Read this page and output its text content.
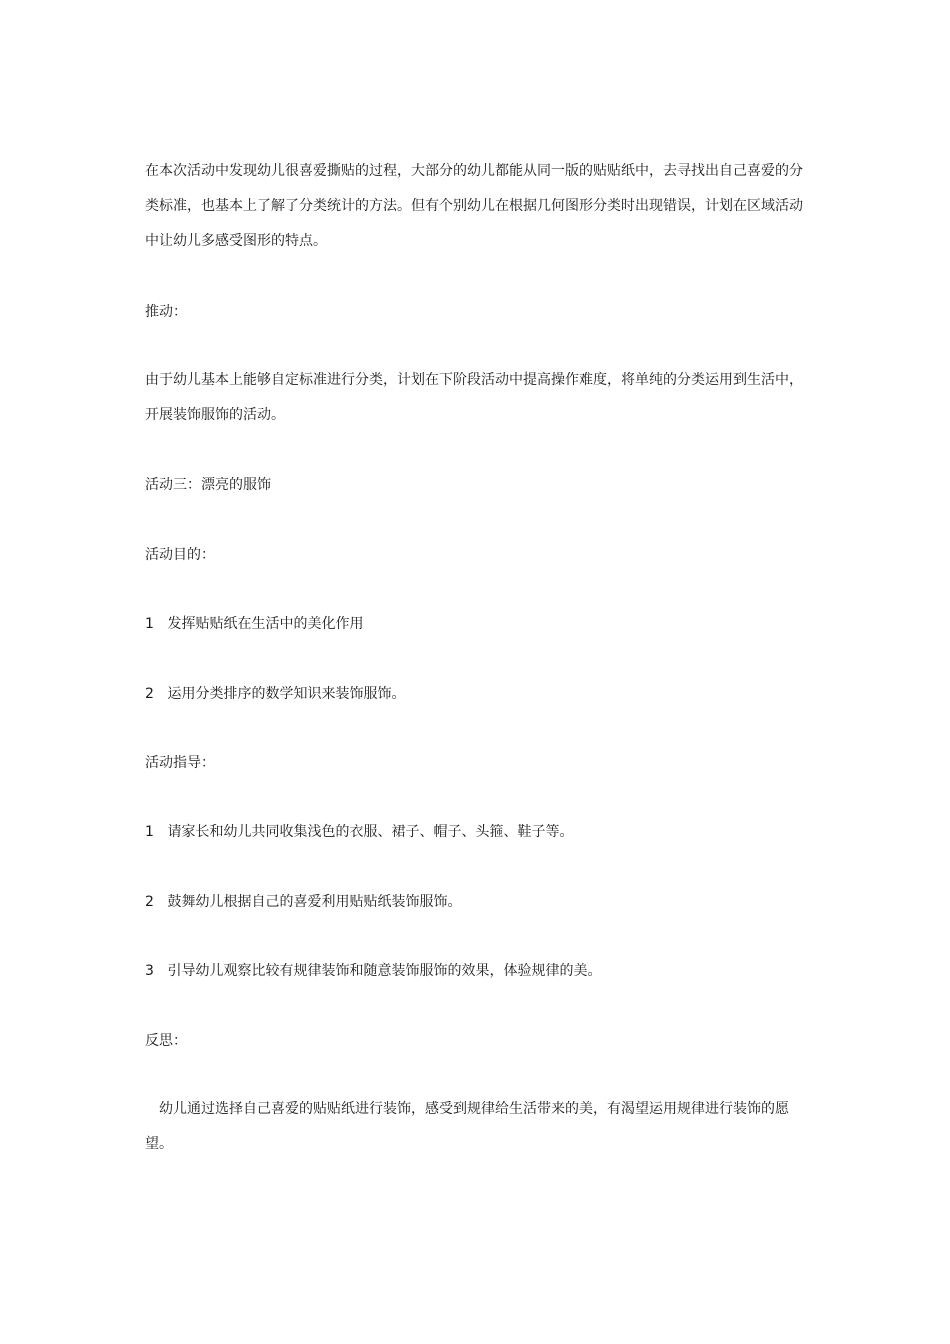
在本次活动中发现幼儿很喜爱撕贴的过程，大部分的幼儿都能从同一版的贴贴纸中，去寻找出自己喜爱的分类标准，也基本上了解了分类统计的方法。但有个别幼儿在根据几何图形分类时出现错误，计划在区域活动中让幼儿多感受图形的特点。

推动：

由于幼儿基本上能够自定标准进行分类，计划在下阶段活动中提高操作难度，将单纯的分类运用到生活中，开展装饰服饰的活动。

活动三：漂亮的服饰

活动目的：

1 发挥贴贴纸在生活中的美化作用

2 运用分类排序的数学知识来装饰服饰。

活动指导：

1 请家长和幼儿共同收集浅色的衣服、裙子、帽子、头箍、鞋子等。

2 鼓舞幼儿根据自己的喜爱利用贴贴纸装饰服饰。

3 引导幼儿观察比较有规律装饰和随意装饰服饰的效果，体验规律的美。

反思：

幼儿通过选择自己喜爱的贴贴纸进行装饰，感受到规律给生活带来的美，有渴望运用规律进行装饰的愿望。
